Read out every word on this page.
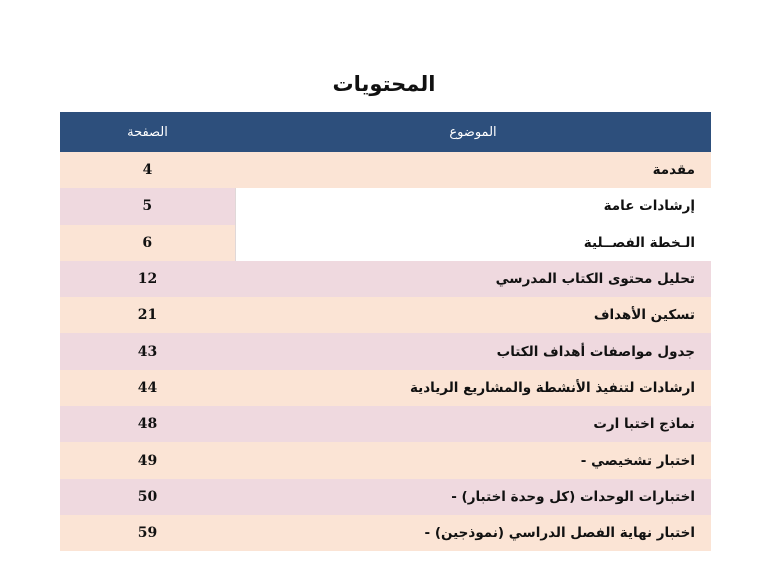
المحتويات
الصفحة	الموضوع
4	مقدمة
5	إرشادات عامة
6	الـخطة الفصــلية
12	تحليل محتوى الكتاب المدرسي
21	تسكين الأهداف
43	جدول مواصفات أهداف الكتاب
44	ارشادات لتنفيذ الأنشطة والمشاريع الريادية
48	نماذج اختبا ارت
49	- اختبار تشخيصي
50	- اختبارات الوحدات (كل وحدة اختبار)
59	- اختبار نهاية الفصل الدراسي (نموذجين)
